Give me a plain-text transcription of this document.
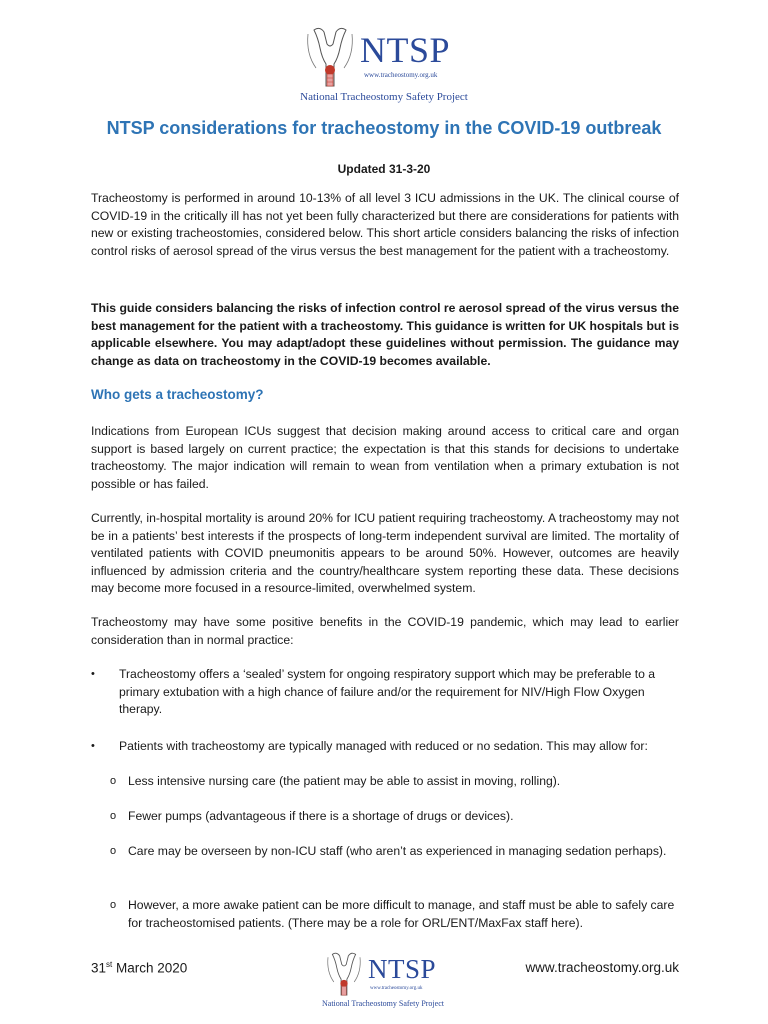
NTSP
www.tracheostomy.org.uk
National Tracheostomy Safety Project
NTSP considerations for tracheostomy in the COVID-19 outbreak

Updated 31-3-20

Tracheostomy is performed in around 10-13% of all level 3 ICU admissions in the UK. The clinical course of COVID-19 in the critically ill has not yet been fully characterized but there are considerations for patients with new or existing tracheostomies, considered below. This short article considers balancing the risks of infection control risks of aerosol spread of the virus versus the best management for the patient with a tracheostomy.

This guide considers balancing the risks of infection control re aerosol spread of the virus versus the best management for the patient with a tracheostomy. This guidance is written for UK hospitals but is applicable elsewhere. You may adapt/adopt these guidelines without permission. The guidance may change as data on tracheostomy in the COVID-19 becomes available.

Who gets a tracheostomy?

Indications from European ICUs suggest that decision making around access to critical care and organ support is based largely on current practice; the expectation is that this stands for decisions to undertake tracheostomy. The major indication will remain to wean from ventilation when a primary extubation is not possible or has failed.

Currently, in-hospital mortality is around 20% for ICU patient requiring tracheostomy. A tracheostomy may not be in a patients’ best interests if the prospects of long-term independent survival are limited. The mortality of ventilated patients with COVID pneumonitis appears to be around 50%. However, outcomes are heavily influenced by admission criteria and the country/healthcare system reporting these data. These decisions may become more focused in a resource-limited, overwhelmed system.

Tracheostomy may have some positive benefits in the COVID-19 pandemic, which may lead to earlier consideration than in normal practice:

• Tracheostomy offers a ‘sealed’ system for ongoing respiratory support which may be preferable to a primary extubation with a high chance of failure and/or the requirement for NIV/High Flow Oxygen therapy.
• Patients with tracheostomy are typically managed with reduced or no sedation. This may allow for:
o Less intensive nursing care (the patient may be able to assist in moving, rolling).
o Fewer pumps (advantageous if there is a shortage of drugs or devices).
o Care may be overseen by non-ICU staff (who aren’t as experienced in managing sedation perhaps).
o However, a more awake patient can be more difficult to manage, and staff must be able to safely care for tracheostomised patients. (There may be a role for ORL/ENT/MaxFax staff here).

31st March 2020	NTSP
www.tracheostomy.org.uk
National Tracheostomy Safety Project

www.tracheostomy.org.uk
